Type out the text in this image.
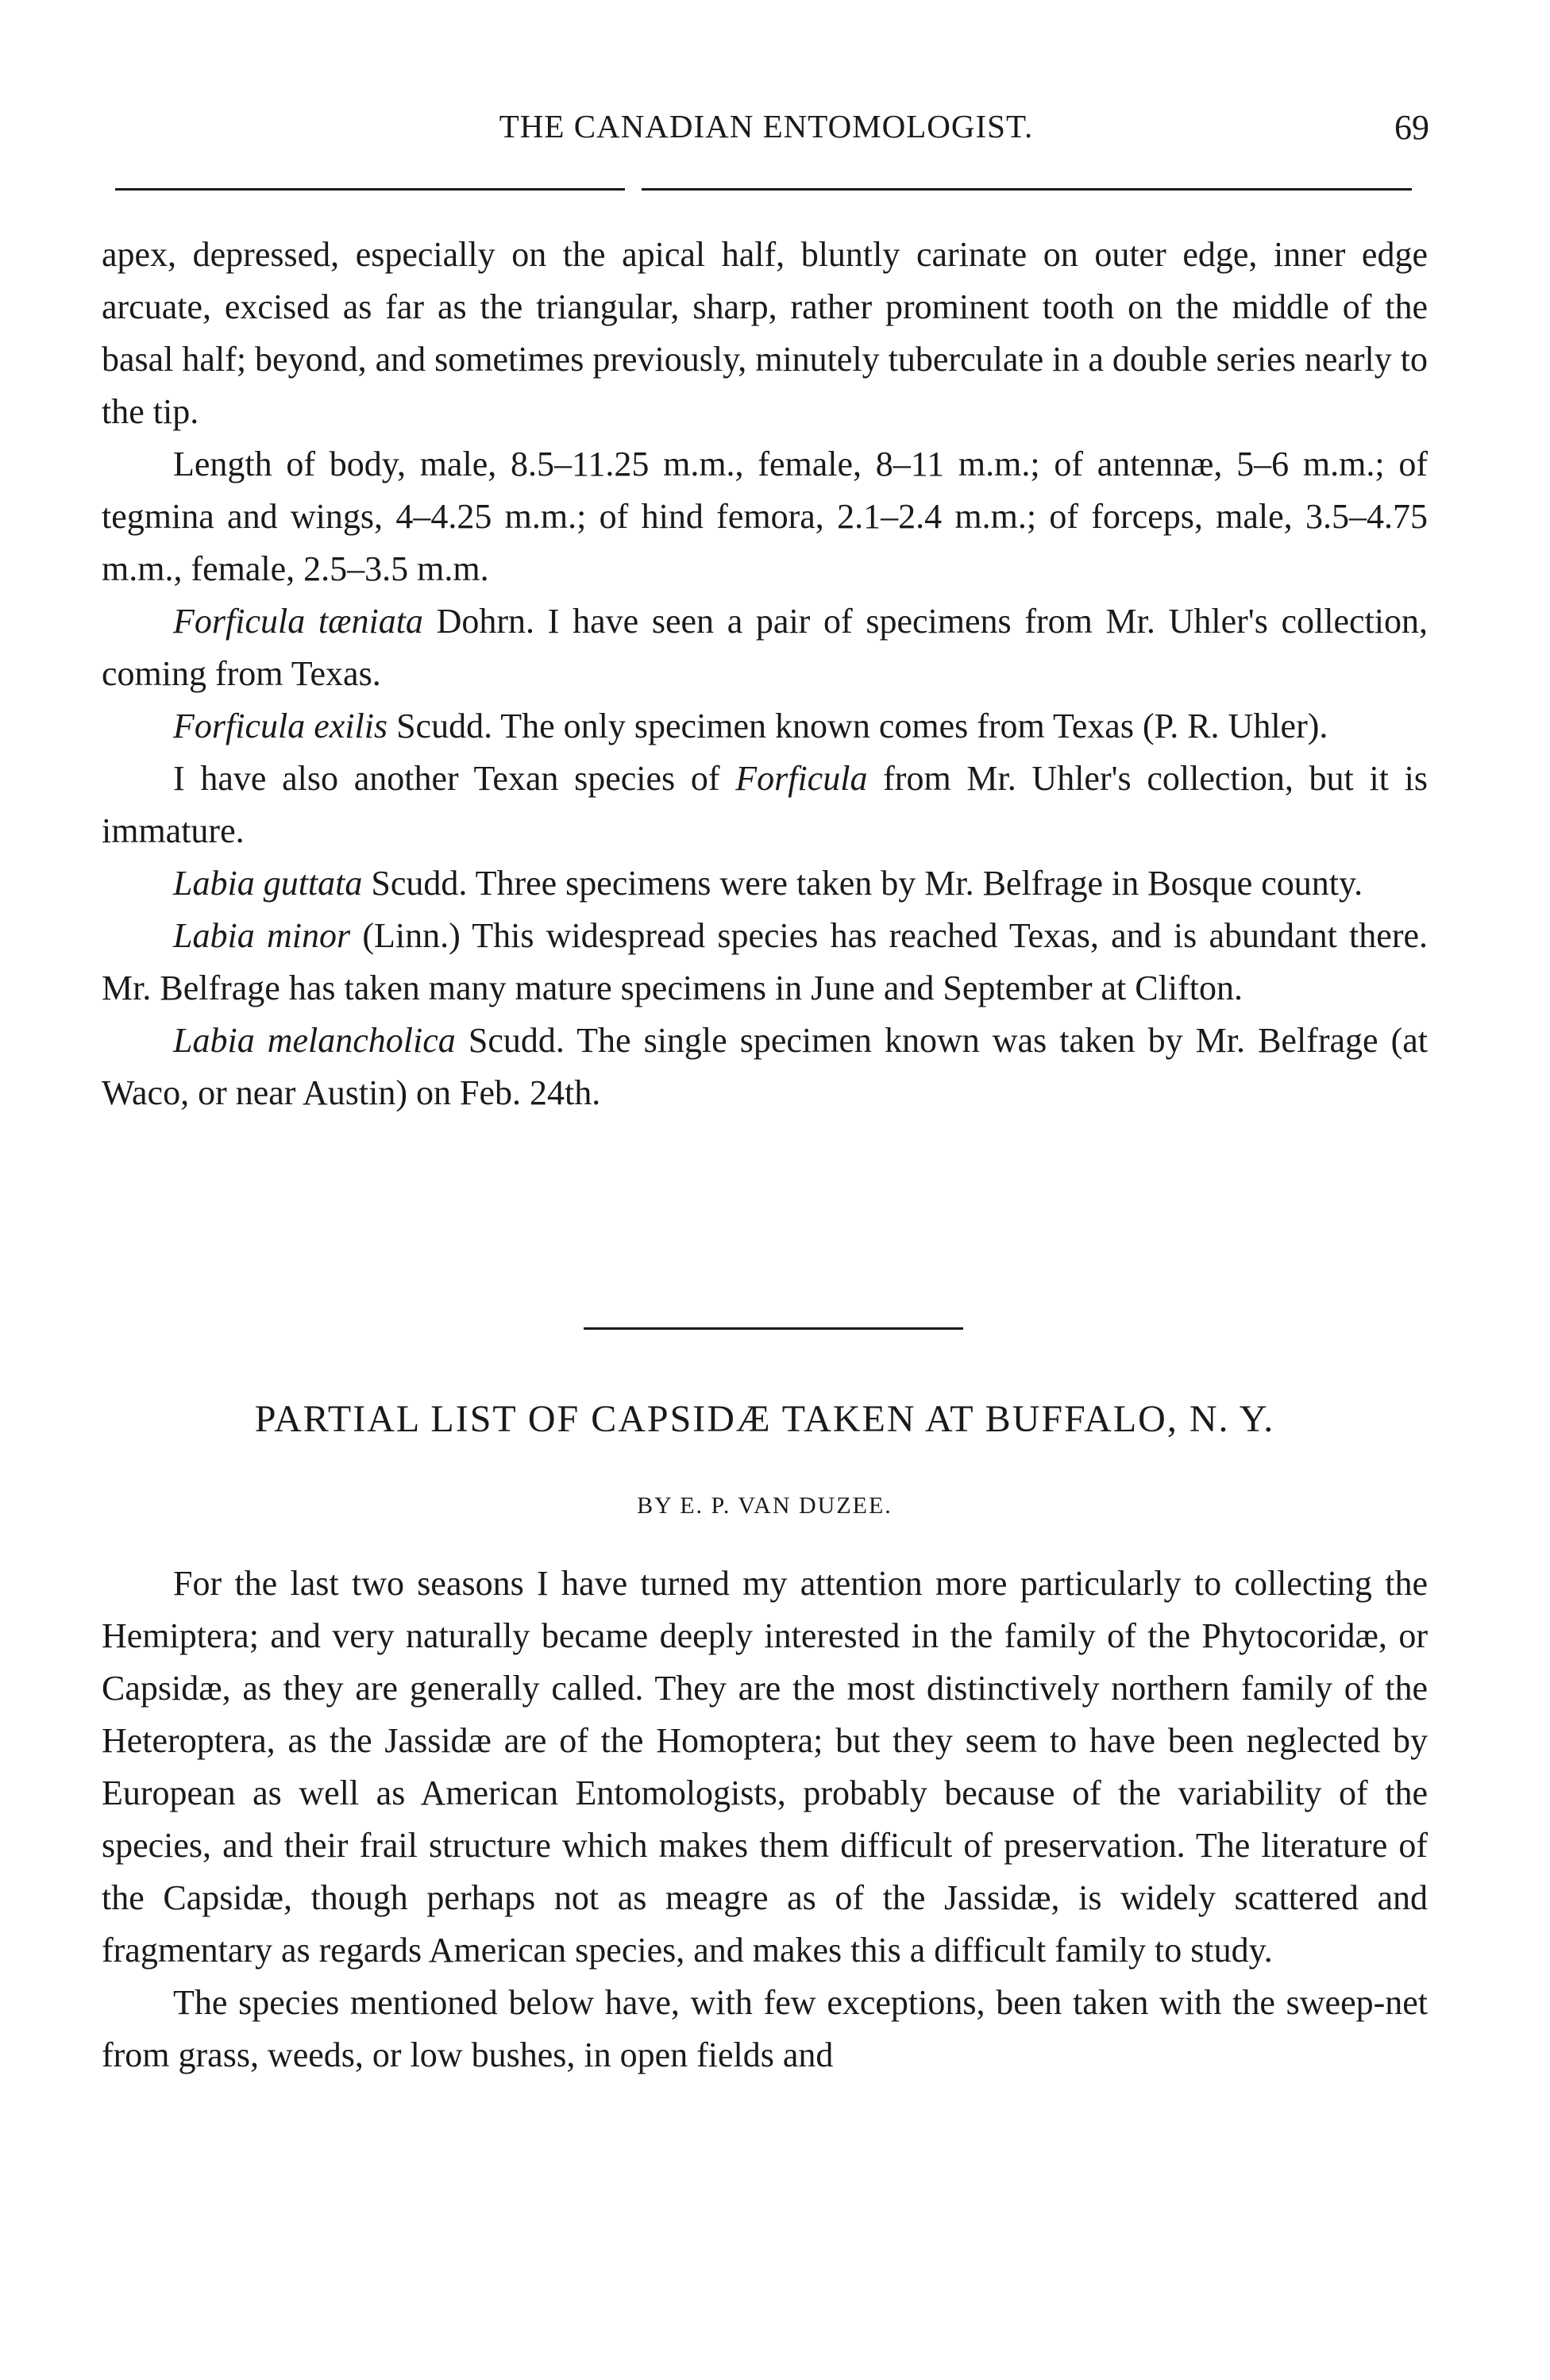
THE CANADIAN ENTOMOLOGIST.	69

apex, depressed, especially on the apical half, bluntly carinate on outer edge, inner edge arcuate, excised as far as the triangular, sharp, rather prominent tooth on the middle of the basal half; beyond, and sometimes previously, minutely tuberculate in a double series nearly to the tip.

Length of body, male, 8.5–11.25 m.m., female, 8–11 m.m.; of antennæ, 5–6 m.m.; of tegmina and wings, 4–4.25 m.m.; of hind femora, 2.1–2.4 m.m.; of forceps, male, 3.5–4.75 m.m., female, 2.5–3.5 m.m.

Forficula tæniata Dohrn. I have seen a pair of specimens from Mr. Uhler's collection, coming from Texas.

Forficula exilis Scudd. The only specimen known comes from Texas (P. R. Uhler).

I have also another Texan species of Forficula from Mr. Uhler's collection, but it is immature.

Labia guttata Scudd. Three specimens were taken by Mr. Belfrage in Bosque county.

Labia minor (Linn.) This widespread species has reached Texas, and is abundant there. Mr. Belfrage has taken many mature specimens in June and September at Clifton.

Labia melancholica Scudd. The single specimen known was taken by Mr. Belfrage (at Waco, or near Austin) on Feb. 24th.

PARTIAL LIST OF CAPSIDÆ TAKEN AT BUFFALO, N. Y.
BY E. P. VAN DUZEE.

For the last two seasons I have turned my attention more particularly to collecting the Hemiptera; and very naturally became deeply interested in the family of the Phytocoridæ, or Capsidæ, as they are generally called. They are the most distinctively northern family of the Heteroptera, as the Jassidæ are of the Homoptera; but they seem to have been neglected by European as well as American Entomologists, probably because of the variability of the species, and their frail structure which makes them difficult of preservation. The literature of the Capsidæ, though perhaps not as meagre as of the Jassidæ, is widely scattered and fragmentary as regards American species, and makes this a difficult family to study.

The species mentioned below have, with few exceptions, been taken with the sweep-net from grass, weeds, or low bushes, in open fields and
